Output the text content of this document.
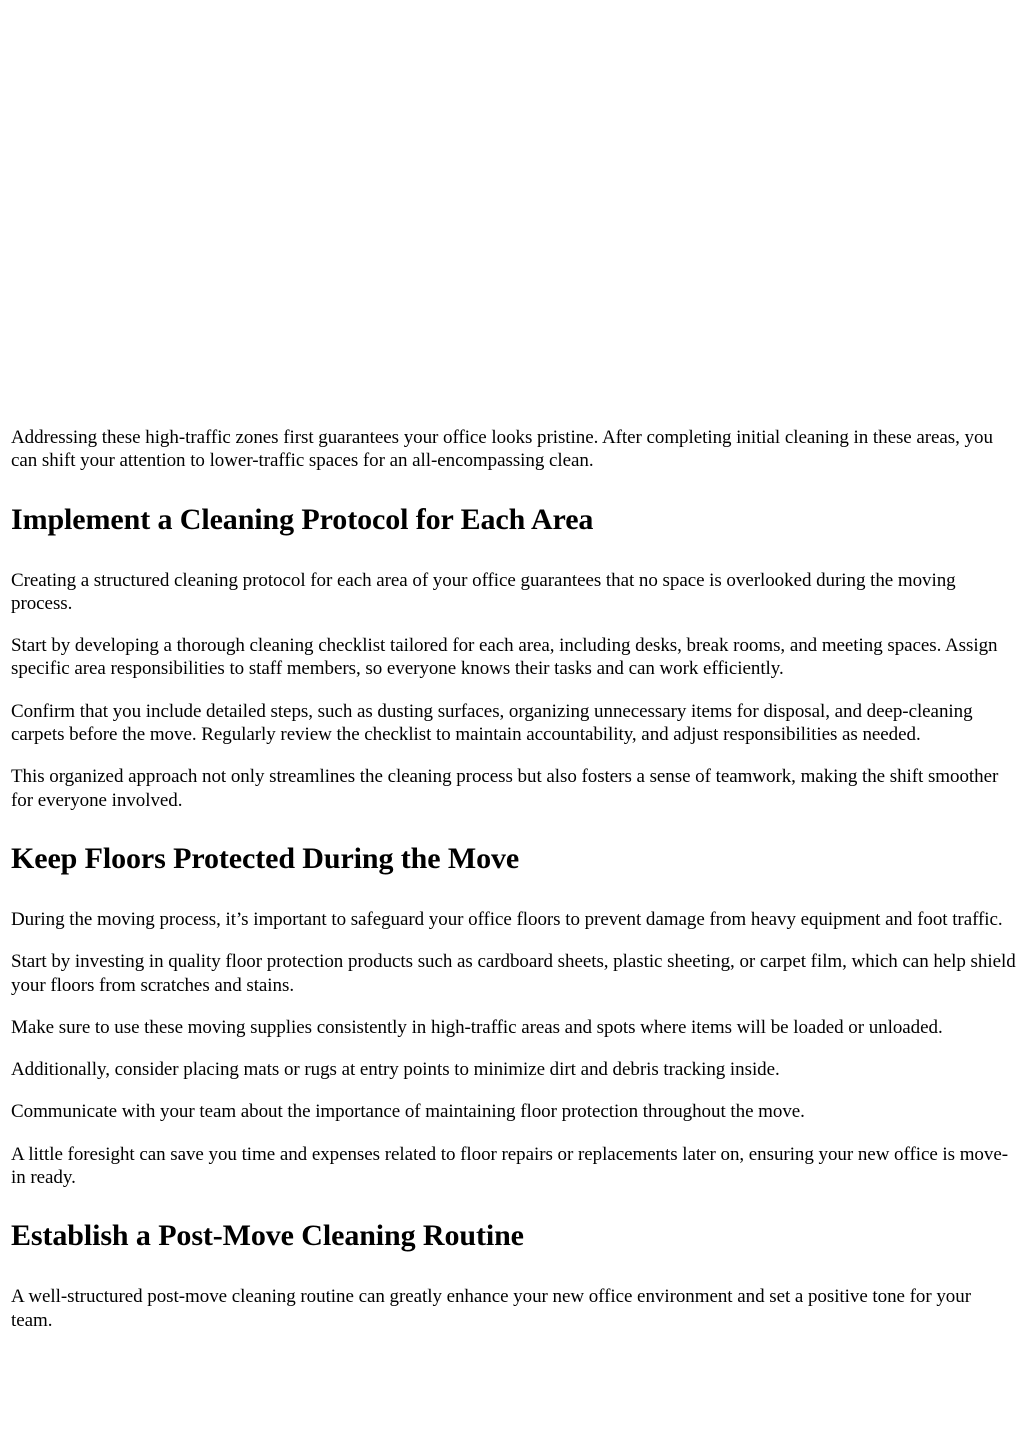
Addressing these high-traffic zones first guarantees your office looks pristine. After completing initial cleaning in these areas, you can shift your attention to lower-traffic spaces for an all-encompassing clean.

Implement a Cleaning Protocol for Each Area

Creating a structured cleaning protocol for each area of your office guarantees that no space is overlooked during the moving process.

Start by developing a thorough cleaning checklist tailored for each area, including desks, break rooms, and meeting spaces. Assign specific area responsibilities to staff members, so everyone knows their tasks and can work efficiently.

Confirm that you include detailed steps, such as dusting surfaces, organizing unnecessary items for disposal, and deep-cleaning carpets before the move. Regularly review the checklist to maintain accountability, and adjust responsibilities as needed.

This organized approach not only streamlines the cleaning process but also fosters a sense of teamwork, making the shift smoother for everyone involved.

Keep Floors Protected During the Move

During the moving process, it’s important to safeguard your office floors to prevent damage from heavy equipment and foot traffic.

Start by investing in quality floor protection products such as cardboard sheets, plastic sheeting, or carpet film, which can help shield your floors from scratches and stains.

Make sure to use these moving supplies consistently in high-traffic areas and spots where items will be loaded or unloaded.

Additionally, consider placing mats or rugs at entry points to minimize dirt and debris tracking inside.

Communicate with your team about the importance of maintaining floor protection throughout the move.

A little foresight can save you time and expenses related to floor repairs or replacements later on, ensuring your new office is move-in ready.

Establish a Post-Move Cleaning Routine

A well-structured post-move cleaning routine can greatly enhance your new office environment and set a positive tone for your team.
